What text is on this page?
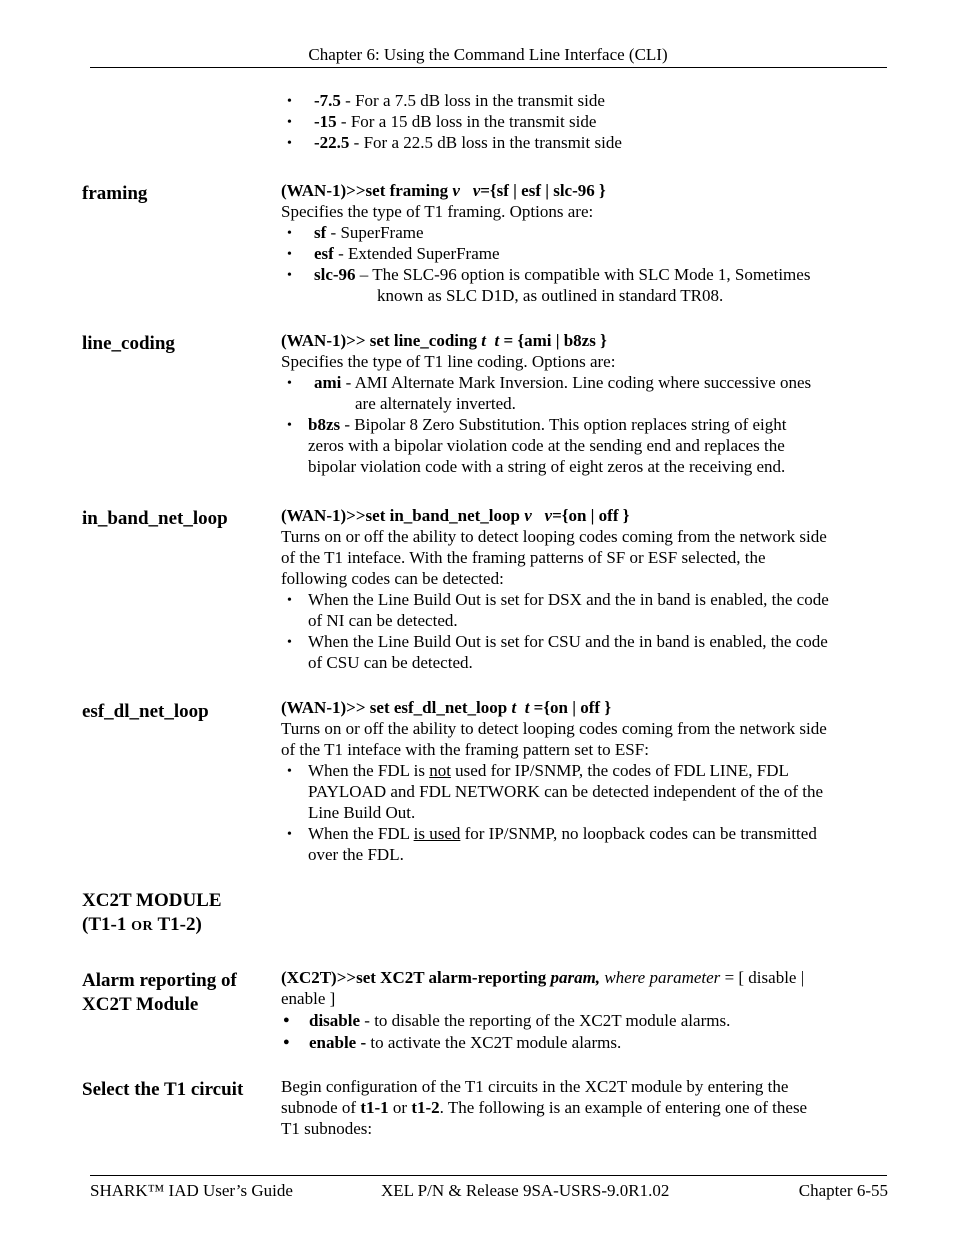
Chapter 6: Using the Command Line Interface (CLI)
• -7.5 - For a 7.5 dB loss in the transmit side
• -15 - For a 15 dB loss in the transmit side
• -22.5 - For a 22.5 dB loss in the transmit side
framing	(WAN-1)>>set framing v v={sf | esf | slc-96 }

Specifies the type of T1 framing. Options are:

• sf - SuperFrame
• esf - Extended SuperFrame
• slc-96 – The SLC-96 option is compatible with SLC Mode 1, Sometimes
known as SLC D1D, as outlined in standard TR08.
line_coding	(WAN-1)>> set line_coding t t = {ami | b8zs }

Specifies the type of T1 line coding. Options are:

• ami - AMI Alternate Mark Inversion. Line coding where successive ones
are alternately inverted.
• b8zs - Bipolar 8 Zero Substitution. This option replaces string of eight
zeros with a bipolar violation code at the sending end and replaces the
bipolar violation code with a string of eight zeros at the receiving end.
in_band_net_loop	(WAN-1)>>set in_band_net_loop v v={on | off }

Turns on or off the ability to detect looping codes coming from the network side
of the T1 inteface. With the framing patterns of SF or ESF selected, the
following codes can be detected:

• When the Line Build Out is set for DSX and the in band is enabled, the code
of NI can be detected.
• When the Line Build Out is set for CSU and the in band is enabled, the code
of CSU can be detected.
esf_dl_net_loop	(WAN-1)>> set esf_dl_net_loop t t ={on | off }

Turns on or off the ability to detect looping codes coming from the network side
of the T1 inteface with the framing pattern set to ESF:

• When the FDL is not used for IP/SNMP, the codes of FDL LINE, FDL
PAYLOAD and FDL NETWORK can be detected independent of the of the
Line Build Out.
• When the FDL is used for IP/SNMP, no loopback codes can be transmitted
over the FDL.
XC2T MODULE
(T1-1 OR T1-2)
Alarm reporting of
XC2T Module

(XC2T)>>set XC2T alarm-reporting param, where parameter = [ disable |
enable ]

● disable - to disable the reporting of the XC2T module alarms.
● enable - to activate the XC2T module alarms.
Select the T1 circuit Begin configuration of the T1 circuits in the XC2T module by entering the
subnode of t1-1 or t1-2. The following is an example of entering one of these
T1 subnodes:

SHARK™ IAD User’s Guide	XEL P/N & Release 9SA-USRS-9.0R1.02	Chapter 6-55
